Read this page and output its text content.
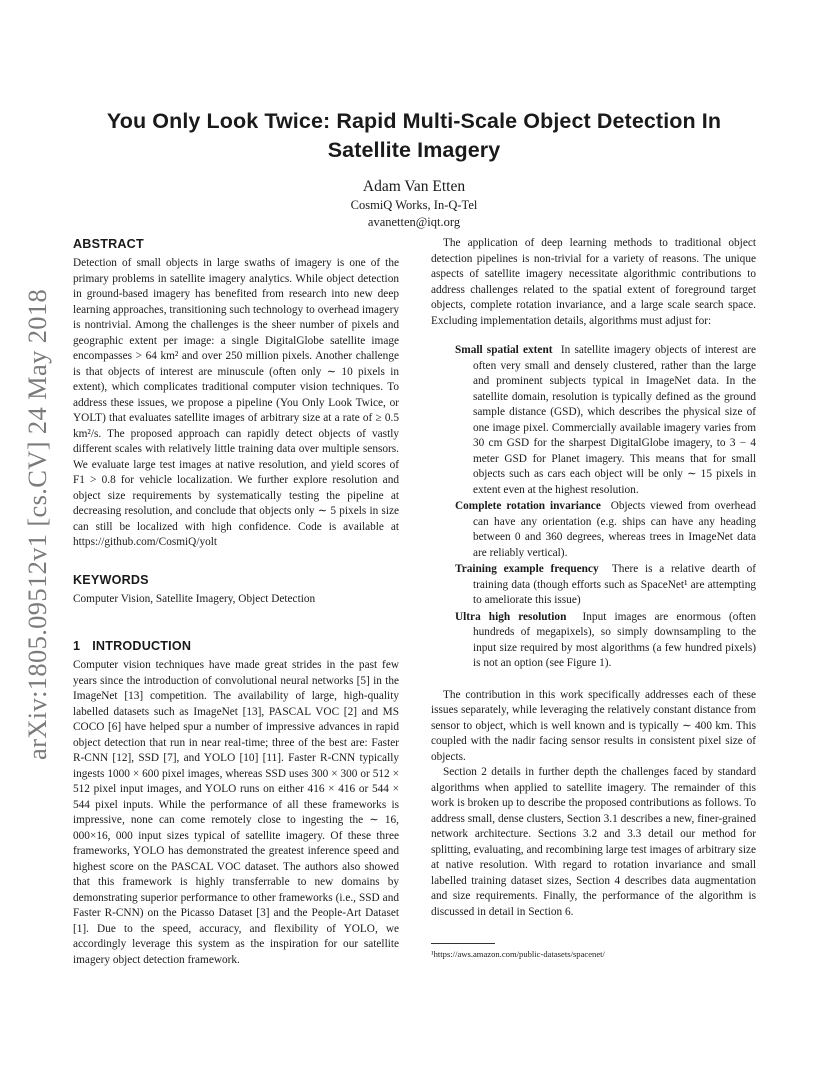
arXiv:1805.09512v1 [cs.CV] 24 May 2018
You Only Look Twice: Rapid Multi-Scale Object Detection In Satellite Imagery
Adam Van Etten
CosmiQ Works, In-Q-Tel
avanetten@iqt.org
ABSTRACT

Detection of small objects in large swaths of imagery is one of the primary problems in satellite imagery analytics. While object detection in ground-based imagery has benefited from research into new deep learning approaches, transitioning such technology to overhead imagery is nontrivial. Among the challenges is the sheer number of pixels and geographic extent per image: a single DigitalGlobe satellite image encompasses > 64 km² and over 250 million pixels. Another challenge is that objects of interest are minuscule (often only ∼ 10 pixels in extent), which complicates traditional computer vision techniques. To address these issues, we propose a pipeline (You Only Look Twice, or YOLT) that evaluates satellite images of arbitrary size at a rate of ≥ 0.5 km²/s. The proposed approach can rapidly detect objects of vastly different scales with relatively little training data over multiple sensors. We evaluate large test images at native resolution, and yield scores of F1 > 0.8 for vehicle localization. We further explore resolution and object size requirements by systematically testing the pipeline at decreasing resolution, and conclude that objects only ∼ 5 pixels in size can still be localized with high confidence. Code is available at https://github.com/CosmiQ/yolt

KEYWORDS

Computer Vision, Satellite Imagery, Object Detection

1 INTRODUCTION

Computer vision techniques have made great strides in the past few years since the introduction of convolutional neural networks [5] in the ImageNet [13] competition. The availability of large, high-quality labelled datasets such as ImageNet [13], PASCAL VOC [2] and MS COCO [6] have helped spur a number of impressive advances in rapid object detection that run in near real-time; three of the best are: Faster R-CNN [12], SSD [7], and YOLO [10] [11]. Faster R-CNN typically ingests 1000 × 600 pixel images, whereas SSD uses 300 × 300 or 512 × 512 pixel input images, and YOLO runs on either 416 × 416 or 544 × 544 pixel inputs. While the performance of all these frameworks is impressive, none can come remotely close to ingesting the ∼ 16, 000×16, 000 input sizes typical of satellite imagery. Of these three frameworks, YOLO has demonstrated the greatest inference speed and highest score on the PASCAL VOC dataset. The authors also showed that this framework is highly transferrable to new domains by demonstrating superior performance to other frameworks (i.e., SSD and Faster R-CNN) on the Picasso Dataset [3] and the People-Art Dataset [1]. Due to the speed, accuracy, and flexibility of YOLO, we accordingly leverage this system as the inspiration for our satellite imagery object detection framework.

The application of deep learning methods to traditional object detection pipelines is non-trivial for a variety of reasons. The unique aspects of satellite imagery necessitate algorithmic contributions to address challenges related to the spatial extent of foreground target objects, complete rotation invariance, and a large scale search space. Excluding implementation details, algorithms must adjust for:

Small spatial extent In satellite imagery objects of interest are often very small and densely clustered, rather than the large and prominent subjects typical in ImageNet data. In the satellite domain, resolution is typically defined as the ground sample distance (GSD), which describes the physical size of one image pixel. Commercially available imagery varies from 30 cm GSD for the sharpest DigitalGlobe imagery, to 3 − 4 meter GSD for Planet imagery. This means that for small objects such as cars each object will be only ∼ 15 pixels in extent even at the highest resolution.
Complete rotation invariance Objects viewed from overhead can have any orientation (e.g. ships can have any heading between 0 and 360 degrees, whereas trees in ImageNet data are reliably vertical).
Training example frequency There is a relative dearth of training data (though efforts such as SpaceNet¹ are attempting to ameliorate this issue)
Ultra high resolution Input images are enormous (often hundreds of megapixels), so simply downsampling to the input size required by most algorithms (a few hundred pixels) is not an option (see Figure 1).

The contribution in this work specifically addresses each of these issues separately, while leveraging the relatively constant distance from sensor to object, which is well known and is typically ∼ 400 km. This coupled with the nadir facing sensor results in consistent pixel size of objects.

Section 2 details in further depth the challenges faced by standard algorithms when applied to satellite imagery. The remainder of this work is broken up to describe the proposed contributions as follows. To address small, dense clusters, Section 3.1 describes a new, finer-grained network architecture. Sections 3.2 and 3.3 detail our method for splitting, evaluating, and recombining large test images of arbitrary size at native resolution. With regard to rotation invariance and small labelled training dataset sizes, Section 4 describes data augmentation and size requirements. Finally, the performance of the algorithm is discussed in detail in Section 6.

¹https://aws.amazon.com/public-datasets/spacenet/
